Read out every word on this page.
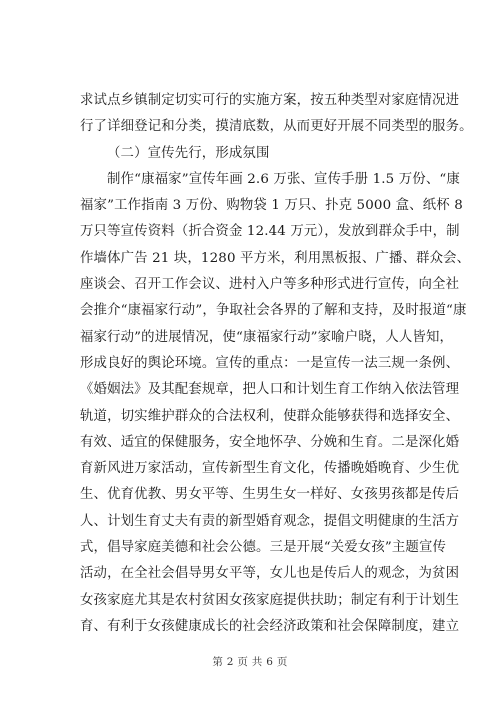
求试点乡镇制定切实可行的实施方案，按五种类型对家庭情况进
行了详细登记和分类，摸清底数，从而更好开展不同类型的服务。
（二）宣传先行，形成氛围
制作“康福家”宣传年画 2.6 万张、宣传手册 1.5 万份、“康
福家”工作指南 3 万份、购物袋 1 万只、扑克 5000 盒、纸杯 8
万只等宣传资料（折合资金 12.44 万元），发放到群众手中，制
作墙体广告 21 块，1280 平方米，利用黑板报、广播、群众会、
座谈会、召开工作会议、进村入户等多种形式进行宣传，向全社
会推介“康福家行动”，争取社会各界的了解和支持，及时报道“康
福家行动”的进展情况，使“康福家行动”家喻户晓，人人皆知，
形成良好的舆论环境。宣传的重点：一是宣传一法三规一条例、
《婚姻法》及其配套规章，把人口和计划生育工作纳入依法管理
轨道，切实维护群众的合法权利，使群众能够获得和选择安全、
有效、适宜的保健服务，安全地怀孕、分娩和生育。二是深化婚
育新风进万家活动，宣传新型生育文化，传播晚婚晚育、少生优
生、优育优教、男女平等、生男生女一样好、女孩男孩都是传后
人、计划生育丈夫有责的新型婚育观念，提倡文明健康的生活方
式，倡导家庭美德和社会公德。三是开展“关爱女孩”主题宣传
活动，在全社会倡导男女平等，女儿也是传后人的观念，为贫困
女孩家庭尤其是农村贫困女孩家庭提供扶助；制定有利于计划生
育、有利于女孩健康成长的社会经济政策和社会保障制度，建立
第 2 页 共 6 页
